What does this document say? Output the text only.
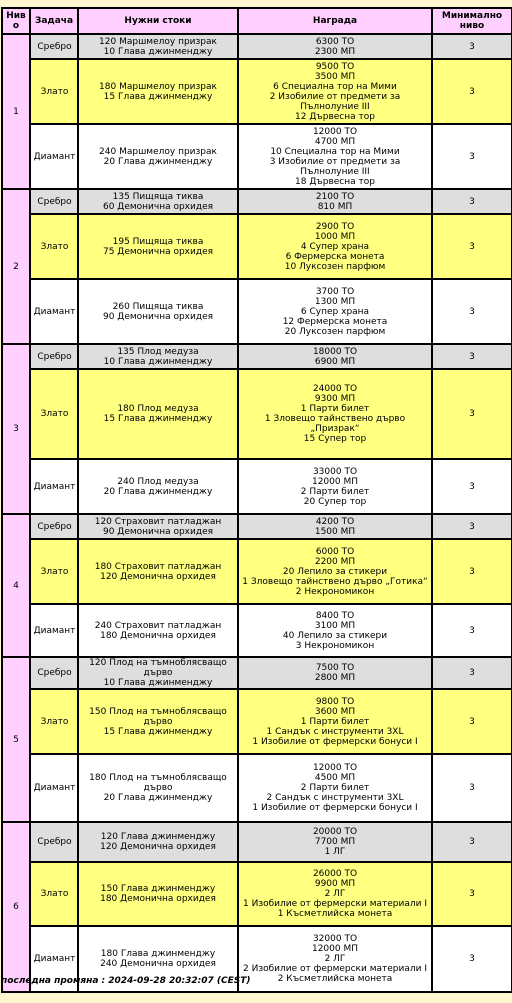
Ниво	Задача	Нужни стоки	Награда	Минимално ниво
1	Сребро	120 Маршмелоу призрак
10 Глава джинменджу	6300 ТО
2300 МП	3
	Злато	180 Маршмелоу призрак
15 Глава джинменджу	9500 ТО
3500 МП
6 Специална тор на Мими
2 Изобилие от предмети за Пълнолуние III
12 Дървесна тор	3
	Диамант	240 Маршмелоу призрак
20 Глава джинменджу	12000 ТО
4700 МП
10 Специална тор на Мими
3 Изобилие от предмети за Пълнолуние III
18 Дървесна тор	3
2	Сребро	135 Пищяща тиква
60 Демонична орхидея	2100 ТО
810 МП	3
	Злато	195 Пищяща тиква
75 Демонична орхидея	2900 ТО
1000 МП
4 Супер храна
6 Фермерска монета
10 Луксозен парфюм	3
	Диамант	260 Пищяща тиква
90 Демонична орхидея	3700 ТО
1300 МП
6 Супер храна
12 Фермерска монета
20 Луксозен парфюм	3
3	Сребро	135 Плод медуза
10 Глава джинменджу	18000 ТО
6900 МП	3
	Злато	180 Плод медуза
15 Глава джинменджу	24000 ТО
9300 МП
1 Парти билет
1 Зловещо тайнствено дърво „Призрак“
15 Супер тор	3
	Диамант	240 Плод медуза
20 Глава джинменджу	33000 ТО
12000 МП
2 Парти билет
20 Супер тор	3
4	Сребро	120 Страховит патладжан
90 Демонична орхидея	4200 ТО
1500 МП	3
	Злато	180 Страховит патладжан
120 Демонична орхидея	6000 ТО
2200 МП
20 Лепило за стикери
1 Зловещо тайнствено дърво „Готика“
2 Некрономикон	3
	Диамант	240 Страховит патладжан
180 Демонична орхидея	8400 ТО
3100 МП
40 Лепило за стикери
3 Некрономикон	3
5	Сребро	120 Плод на тъмноблясващо дърво
10 Глава джинменджу	7500 ТО
2800 МП	3
	Злато	150 Плод на тъмноблясващо дърво
15 Глава джинменджу	9800 ТО
3600 МП
1 Парти билет
1 Сандък с инструменти 3XL
1 Изобилие от фермерски бонуси I	3
	Диамант	180 Плод на тъмноблясващо дърво
20 Глава джинменджу	12000 ТО
4500 МП
2 Парти билет
2 Сандък с инструменти 3XL
1 Изобилие от фермерски бонуси I	3
6	Сребро	120 Глава джинменджу
120 Демонична орхидея	20000 ТО
7700 МП
1 ЛГ	3
	Злато	150 Глава джинменджу
180 Демонична орхидея	26000 ТО
9900 МП
2 ЛГ
1 Изобилие от фермерски материали I
1 Късметлийска монета	3
	Диамант	180 Глава джинменджу
240 Демонична орхидея	32000 ТО
12000 МП
2 ЛГ
2 Изобилие от фермерски материали I
2 Късметлийска монета	3
последна промяна : 2024-09-28 20:32:07 (CEST)
